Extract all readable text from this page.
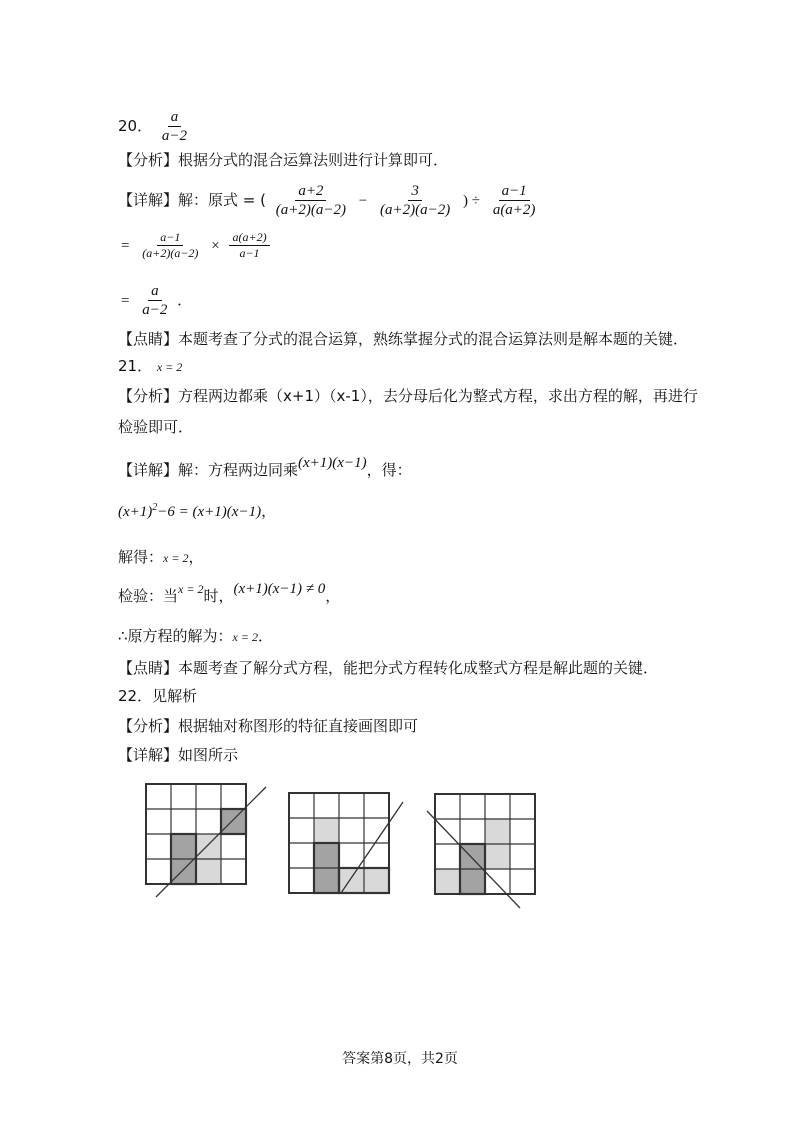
20． $\frac{a}{a-2}$
【分析】根据分式的混合运算法则进行计算即可．
【详解】解：原式 = ( $\frac{a+2}{(a+2)(a-2)} - \frac{3}{(a+2)(a-2)}$ ) ÷ $\frac{a-1}{a(a+2)}$
= $\frac{a-1}{(a+2)(a-2)} \times \frac{a(a+2)}{a-1}$
= $\frac{a}{a-2}$ ．
【点睛】本题考查了分式的混合运算，熟练掌握分式的混合运算法则是解本题的关键．
21． x = 2
【分析】方程两边都乘（x+1）（x-1），去分母后化为整式方程，求出方程的解，再进行
检验即可．
【详解】解：方程两边同乘(x+1)(x−1)，得：
$(x+1)^2-6 = (x+1)(x-1)$，
解得：x = 2，
检验：当$^{x = 2}$时，(x+1)(x−1) ≠ 0，
∴原方程的解为：x = 2．
【点睛】本题考查了解分式方程，能把分式方程转化成整式方程是解此题的关键．
22．见解析
【分析】根据轴对称图形的特征直接画图即可
【详解】如图所示
答案第8页，共2页
